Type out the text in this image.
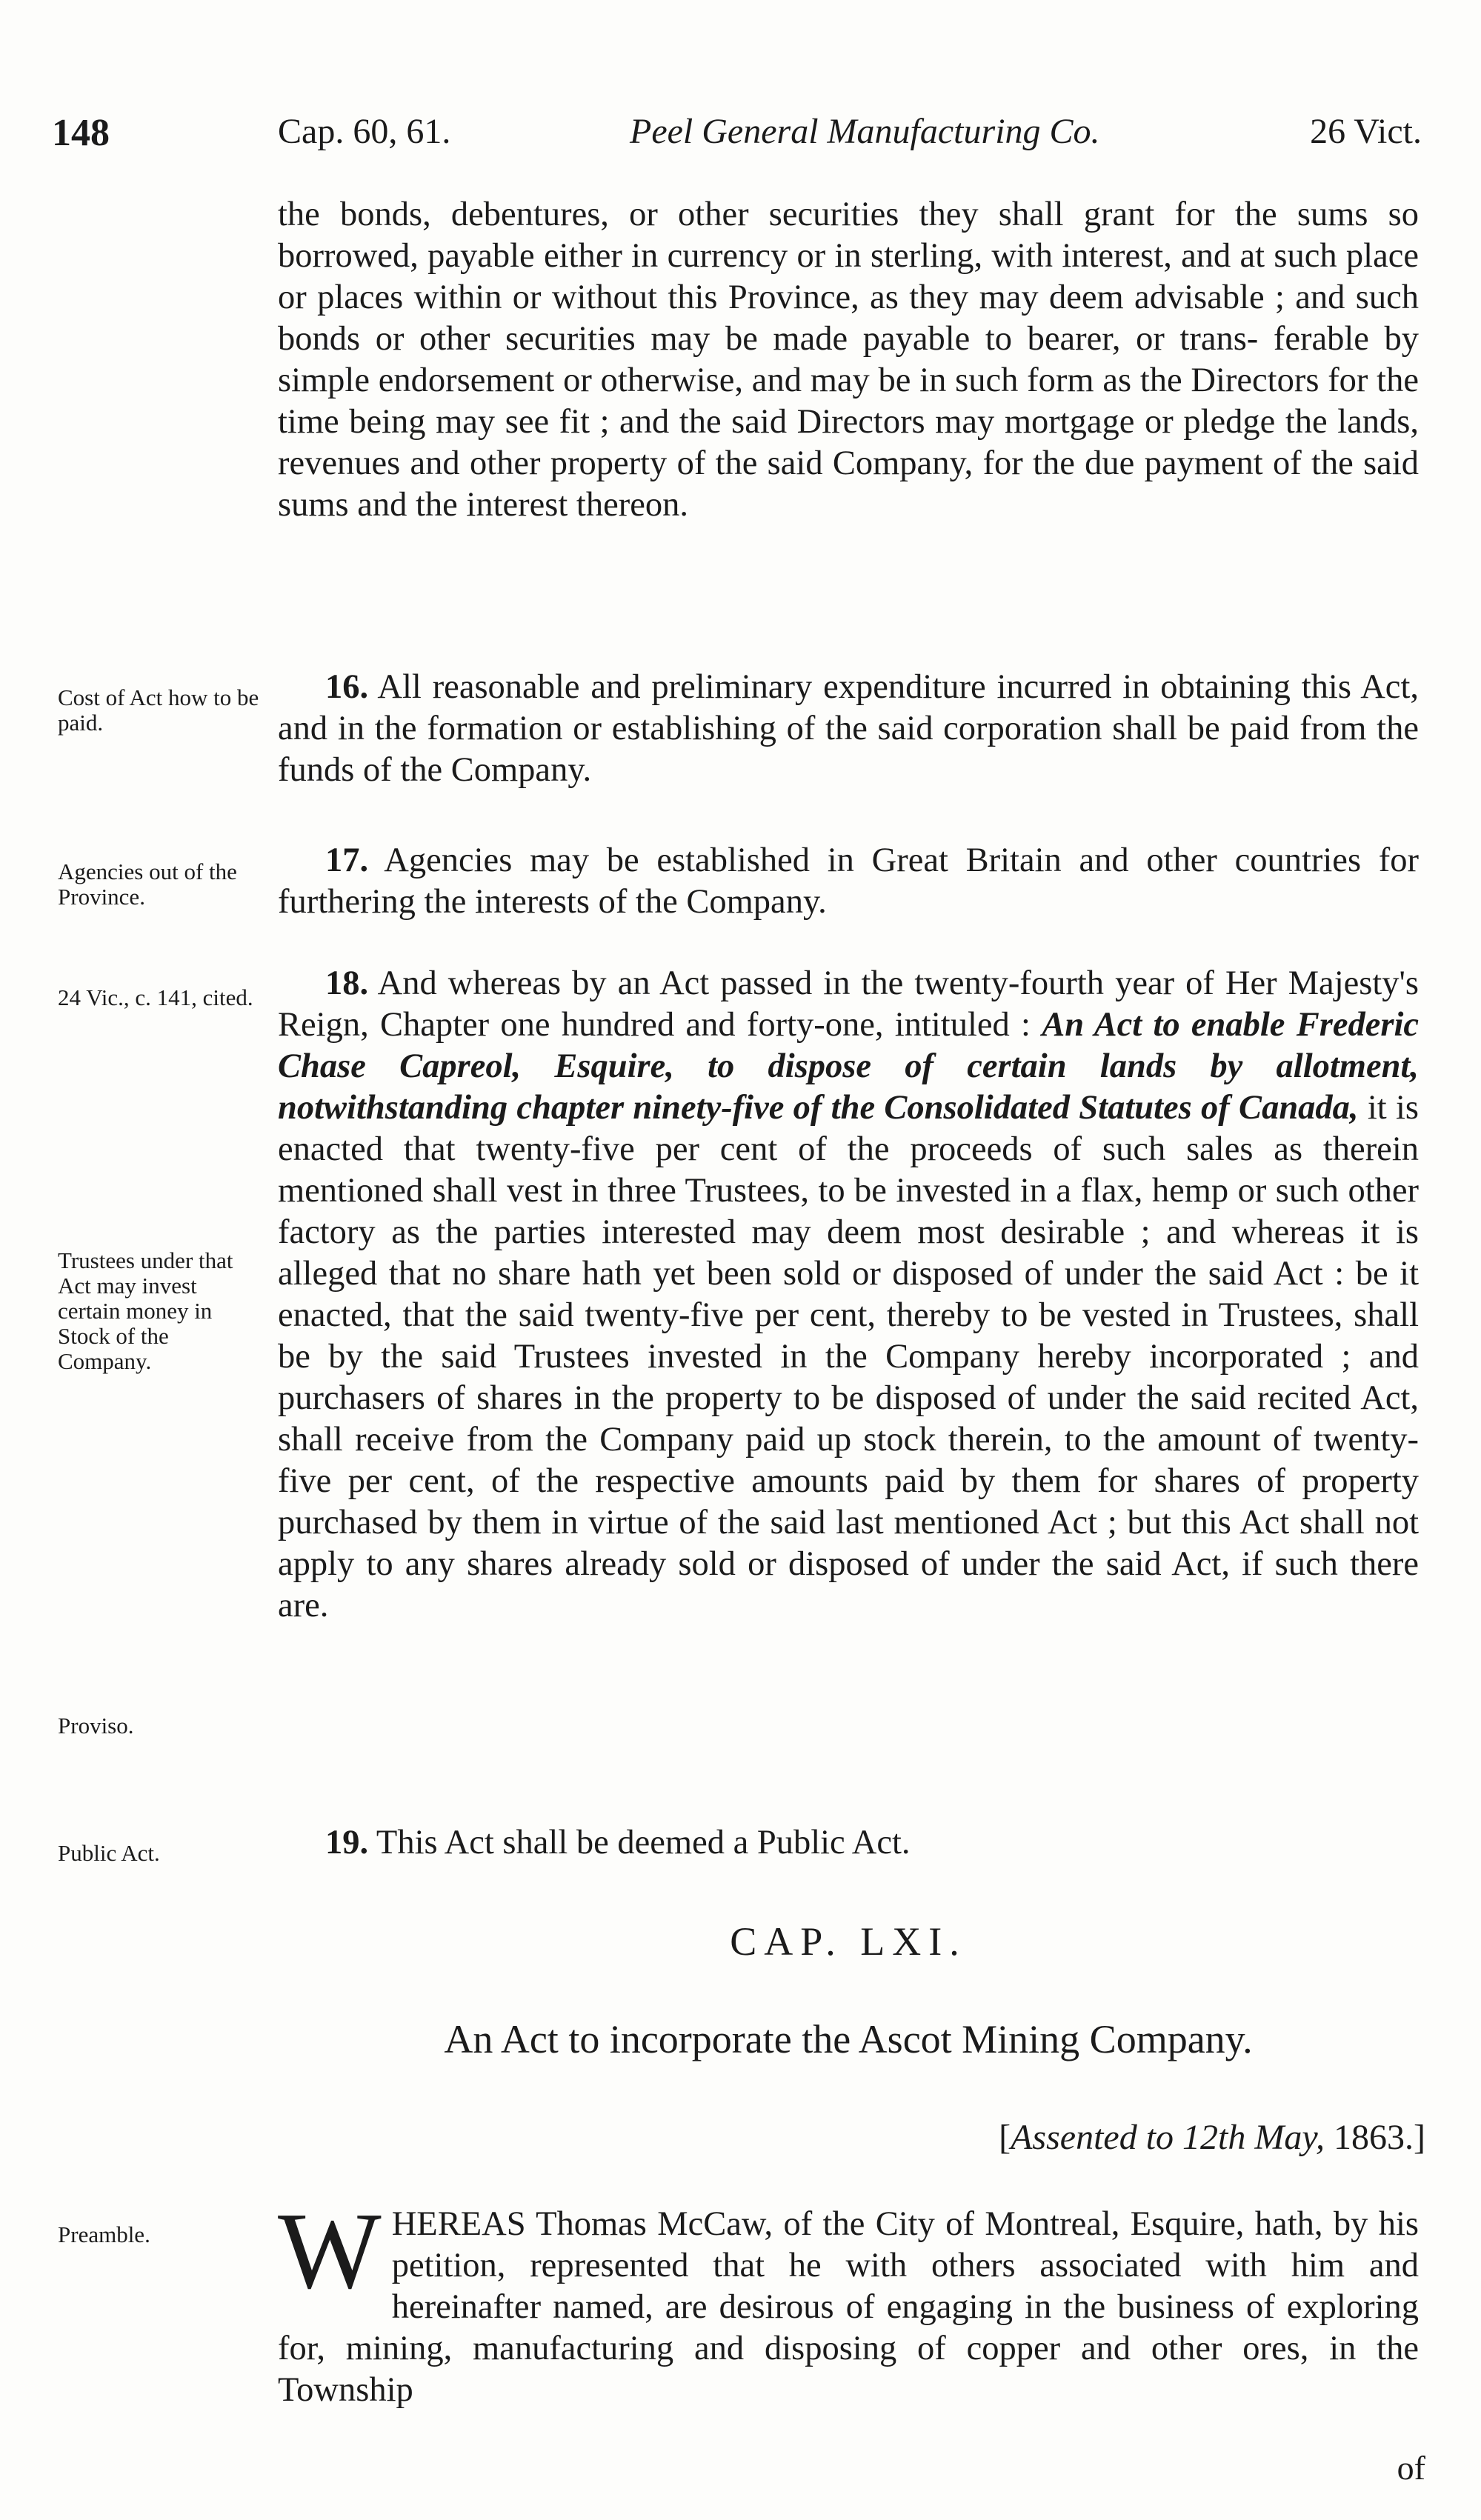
148	Cap. 60, 61.	Peel General Manufacturing Co.	26 Vict.

the bonds, debentures, or other securities they shall grant for the sums so borrowed, payable either in currency or in sterling, with interest, and at such place or places within or without this Province, as they may deem advisable ; and such bonds or other securities may be made payable to bearer, or trans- ferable by simple endorsement or otherwise, and may be in such form as the Directors for the time being may see fit ; and the said Directors may mortgage or pledge the lands, revenues and other property of the said Company, for the due payment of the said sums and the interest thereon.

Cost of Act how to be paid.

16. All reasonable and preliminary expenditure incurred in obtaining this Act, and in the formation or establishing of the said corporation shall be paid from the funds of the Company.

Agencies out of the Province.

17. Agencies may be established in Great Britain and other countries for furthering the interests of the Company.

24 Vic., c. 141, cited.
Trustees under that Act may invest certain money in Stock of the Company.
Proviso.

18. And whereas by an Act passed in the twenty-fourth year of Her Majesty's Reign, Chapter one hundred and forty-one, intituled : An Act to enable Frederic Chase Capreol, Esquire, to dispose of certain lands by allotment, notwithstanding chapter ninety-five of the Consolidated Statutes of Canada, it is enacted that twenty-five per cent of the proceeds of such sales as therein mentioned shall vest in three Trustees, to be invested in a flax, hemp or such other factory as the parties interested may deem most desirable ; and whereas it is alleged that no share hath yet been sold or disposed of under the said Act : be it enacted, that the said twenty-five per cent, thereby to be vested in Trustees, shall be by the said Trustees invested in the Company hereby incorporated ; and purchasers of shares in the property to be disposed of under the said recited Act, shall receive from the Company paid up stock therein, to the amount of twenty-five per cent, of the respective amounts paid by them for shares of property purchased by them in virtue of the said last mentioned Act ; but this Act shall not apply to any shares already sold or disposed of under the said Act, if such there are.

Public Act.	19. This Act shall be deemed a Public Act.

CAP. LXI.
An Act to incorporate the Ascot Mining Company.
[Assented to 12th May, 1863.]
Preamble.	WHEREAS Thomas McCaw, of the City of Montreal, Esquire, hath, by his petition, represented that he with others associated with him and hereinafter named, are desirous of engaging in the business of exploring for, mining, manufacturing and disposing of copper and other ores, in the Township

of
